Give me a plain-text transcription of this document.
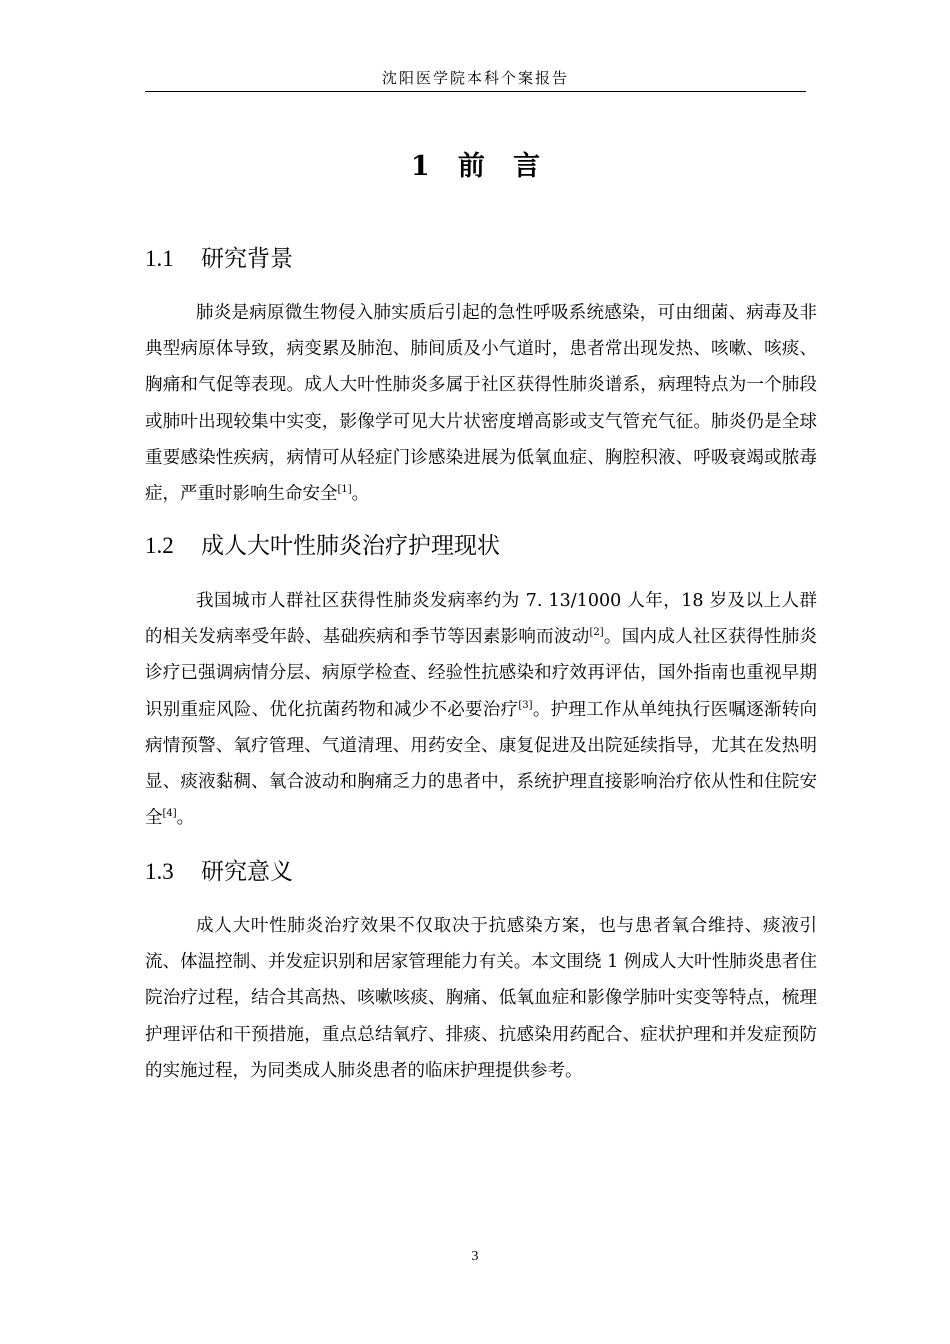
沈阳医学院本科个案报告
1   前   言
1.1 研究背景

肺炎是病原微生物侵入肺实质后引起的急性呼吸系统感染，可由细菌、病毒及非典型病原体导致，病变累及肺泡、肺间质及小气道时，患者常出现发热、咳嗽、咳痰、胸痛和气促等表现。成人大叶性肺炎多属于社区获得性肺炎谱系，病理特点为一个肺段或肺叶出现较集中实变，影像学可见大片状密度增高影或支气管充气征。肺炎仍是全球重要感染性疾病，病情可从轻症门诊感染进展为低氧血症、胸腔积液、呼吸衰竭或脓毒症，严重时影响生命安全[1]。

1.2 成人大叶性肺炎治疗护理现状

我国城市人群社区获得性肺炎发病率约为 7. 13/1000 人年，18 岁及以上人群的相关发病率受年龄、基础疾病和季节等因素影响而波动[2]。国内成人社区获得性肺炎诊疗已强调病情分层、病原学检查、经验性抗感染和疗效再评估，国外指南也重视早期识别重症风险、优化抗菌药物和减少不必要治疗[3]。护理工作从单纯执行医嘱逐渐转向病情预警、氧疗管理、气道清理、用药安全、康复促进及出院延续指导，尤其在发热明显、痰液黏稠、氧合波动和胸痛乏力的患者中，系统护理直接影响治疗依从性和住院安全[4]。

1.3 研究意义

成人大叶性肺炎治疗效果不仅取决于抗感染方案，也与患者氧合维持、痰液引流、体温控制、并发症识别和居家管理能力有关。本文围绕 1 例成人大叶性肺炎患者住院治疗过程，结合其高热、咳嗽咳痰、胸痛、低氧血症和影像学肺叶实变等特点，梳理护理评估和干预措施，重点总结氧疗、排痰、抗感染用药配合、症状护理和并发症预防的实施过程，为同类成人肺炎患者的临床护理提供参考。

3
